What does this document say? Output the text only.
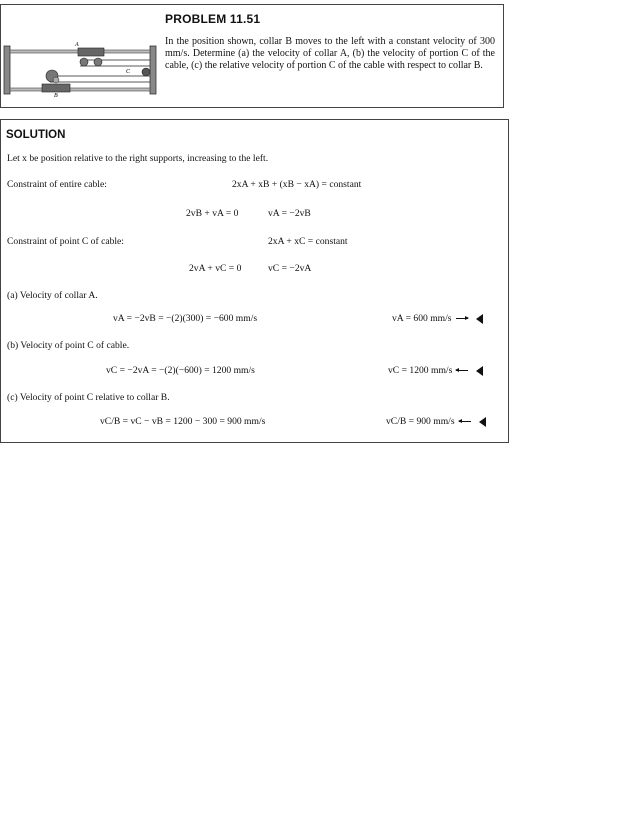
A
B
C
PROBLEM 11.51
In the position shown, collar B moves to the left with a constant velocity of 300 mm/s. Determine (a) the velocity of collar A, (b) the velocity of portion C of the cable, (c) the relative velocity of portion C of the cable with respect to collar B.
SOLUTION
Let x be position relative to the right supports, increasing to the left.
Constraint of entire cable:	2xA + xB + (xB − xA) = constant
2vB + vA = 0	vA = −2vB
Constraint of point C of cable:	2xA + xC = constant
2vA + vC = 0	vC = −2vA
(a) Velocity of collar A.
vA = −2vB = −(2)(300) = −600 mm/s	vA = 600 mm/s
(b) Velocity of point C of cable.
vC = −2vA = −(2)(−600) = 1200 mm/s	vC = 1200 mm/s
(c) Velocity of point C relative to collar B.
vC/B = vC − vB = 1200 − 300 = 900 mm/s	vC/B = 900 mm/s
